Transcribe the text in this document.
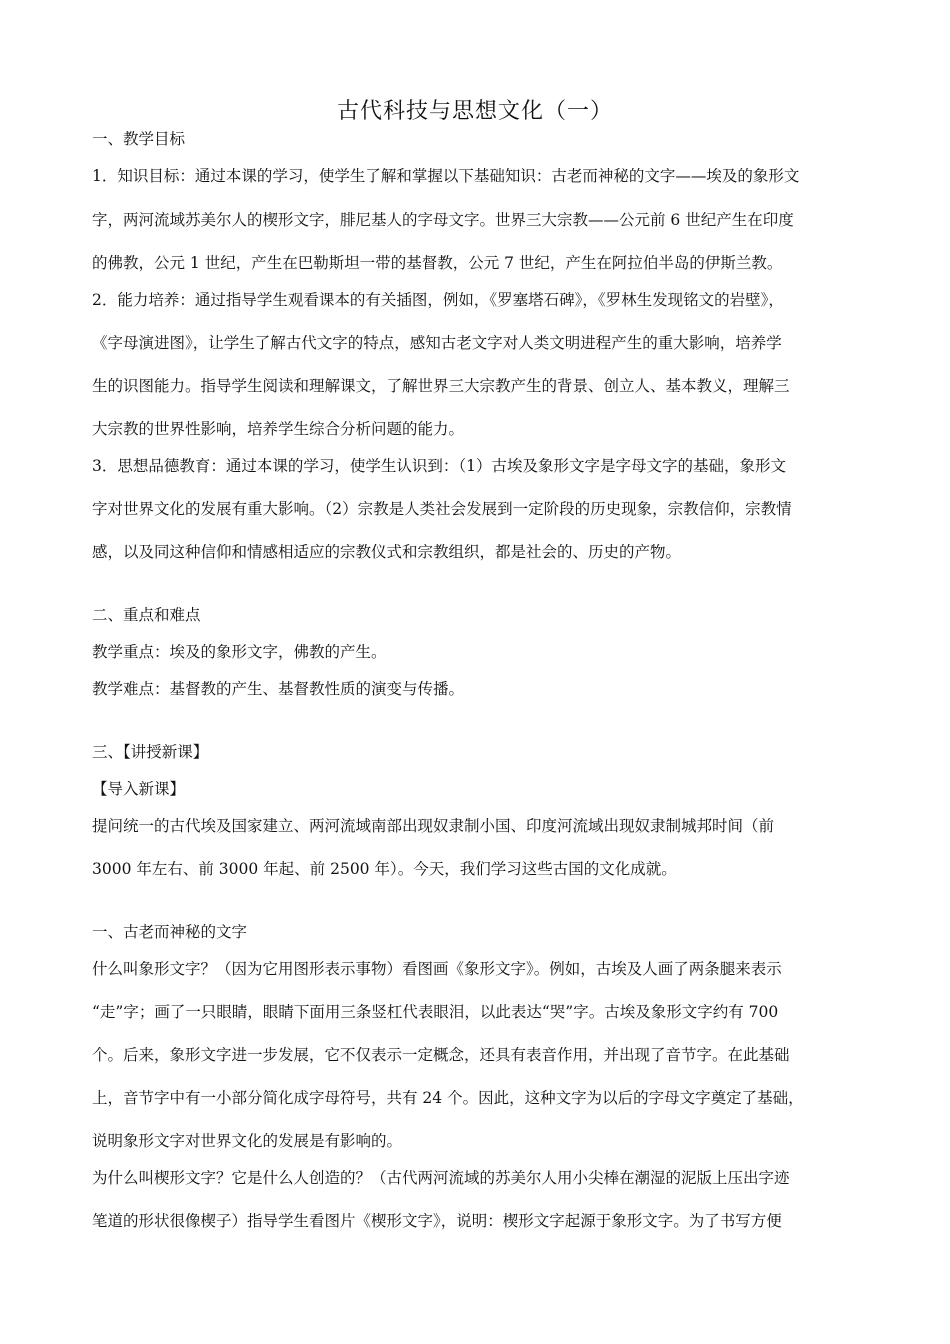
古代科技与思想文化（一）
一、教学目标
1．知识目标：通过本课的学习，使学生了解和掌握以下基础知识：古老而神秘的文字——埃及的象形文
字，两河流域苏美尔人的楔形文字，腓尼基人的字母文字。世界三大宗教——公元前 6 世纪产生在印度
的佛教，公元 1 世纪，产生在巴勒斯坦一带的基督教，公元 7 世纪，产生在阿拉伯半岛的伊斯兰教。
2．能力培养：通过指导学生观看课本的有关插图，例如，《罗塞塔石碑》，《罗林生发现铭文的岩壁》，
《字母演进图》，让学生了解古代文字的特点，感知古老文字对人类文明进程产生的重大影响，培养学
生的识图能力。指导学生阅读和理解课文，了解世界三大宗教产生的背景、创立人、基本教义，理解三
大宗教的世界性影响，培养学生综合分析问题的能力。
3．思想品德教育：通过本课的学习，使学生认识到：（1）古埃及象形文字是字母文字的基础，象形文
字对世界文化的发展有重大影响。（2）宗教是人类社会发展到一定阶段的历史现象，宗教信仰，宗教情
感，以及同这种信仰和情感相适应的宗教仪式和宗教组织，都是社会的、历史的产物。
二、重点和难点
教学重点：埃及的象形文字，佛教的产生。
教学难点：基督教的产生、基督教性质的演变与传播。
三、【讲授新课】
【导入新课】
提问统一的古代埃及国家建立、两河流域南部出现奴隶制小国、印度河流域出现奴隶制城邦时间（前
3000 年左右、前 3000 年起、前 2500 年）。今天，我们学习这些古国的文化成就。
一、古老而神秘的文字
什么叫象形文字？（因为它用图形表示事物）看图画《象形文字》。例如，古埃及人画了两条腿来表示
“走”字；画了一只眼睛，眼睛下面用三条竖杠代表眼泪，以此表达“哭”字。古埃及象形文字约有 700
个。后来，象形文字进一步发展，它不仅表示一定概念，还具有表音作用，并出现了音节字。在此基础
上，音节字中有一小部分简化成字母符号，共有 24 个。因此，这种文字为以后的字母文字奠定了基础，
说明象形文字对世界文化的发展是有影响的。
为什么叫楔形文字？它是什么人创造的？（古代两河流域的苏美尔人用小尖棒在潮湿的泥版上压出字迹
笔道的形状很像楔子）指导学生看图片《楔形文字》，说明：楔形文字起源于象形文字。为了书写方便
